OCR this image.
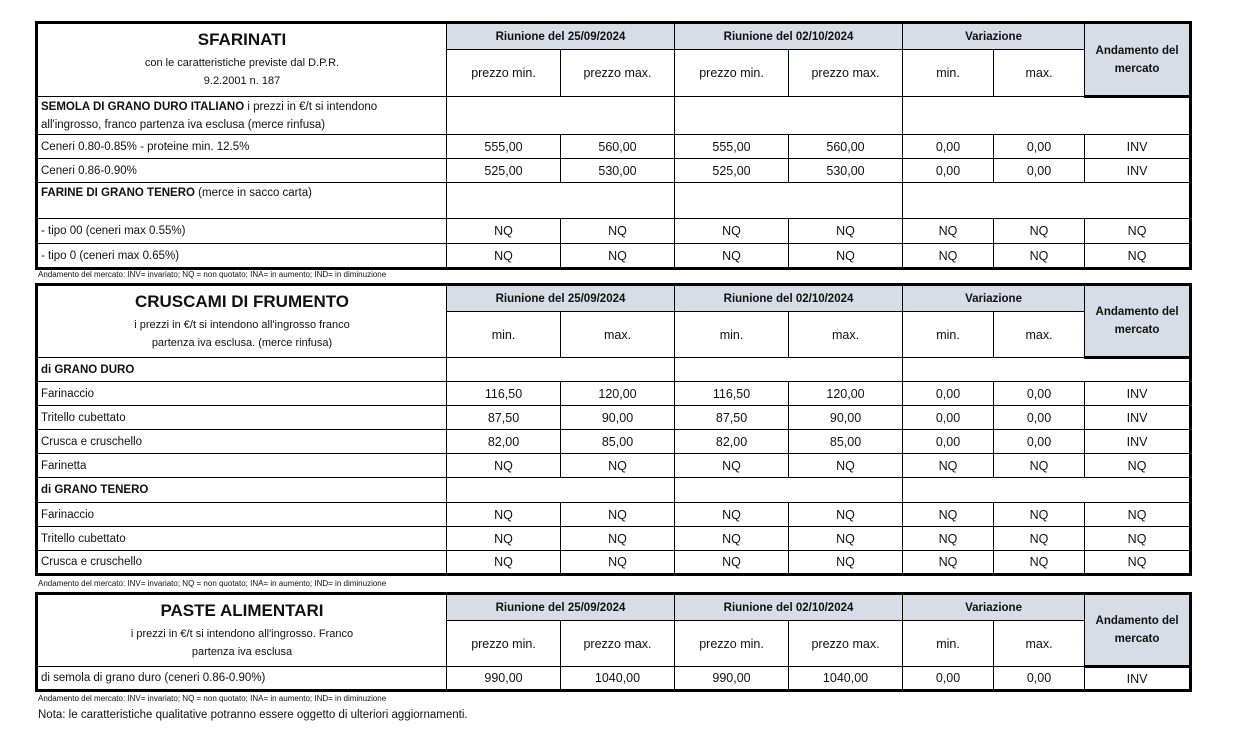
SFARINATI
con le caratteristiche previste dal D.P.R.
9.2.2001 n. 187	Riunione del 25/09/2024		Riunione del 02/10/2024		Variazione		Andamento del mercato
	prezzo min.	prezzo max.	prezzo min.	prezzo max.	min.	max.	
SEMOLA DI GRANO DURO ITALIANO i prezzi in €/t si intendono
all'ingrosso, franco partenza iva esclusa (merce rinfusa)							
Ceneri 0.80-0.85% - proteine min. 12.5%	555,00	560,00	555,00	560,00	0,00	0,00	INV
Ceneri 0.86-0.90%	525,00	530,00	525,00	530,00	0,00	0,00	INV
FARINE DI GRANO TENERO (merce in sacco carta)							
- tipo 00 (ceneri max 0.55%)	NQ	NQ	NQ	NQ	NQ	NQ	NQ
- tipo 0 (ceneri max 0.65%)	NQ	NQ	NQ	NQ	NQ	NQ	NQ
Andamento del mercato: INV= invariato; NQ = non quotato; INA= in aumento; IND= in diminuzione
CRUSCAMI DI FRUMENTO
i prezzi in €/t si intendono all'ingrosso franco
partenza iva esclusa. (merce rinfusa)	Riunione del 25/09/2024		Riunione del 02/10/2024		Variazione		Andamento del mercato
	min.	max.	min.	max.	min.	max.	
di GRANO DURO							
Farinaccio	116,50	120,00	116,50	120,00	0,00	0,00	INV
Tritello cubettato	87,50	90,00	87,50	90,00	0,00	0,00	INV
Crusca e cruschello	82,00	85,00	82,00	85,00	0,00	0,00	INV
Farinetta	NQ	NQ	NQ	NQ	NQ	NQ	NQ
di GRANO TENERO							
Farinaccio	NQ	NQ	NQ	NQ	NQ	NQ	NQ
Tritello cubettato	NQ	NQ	NQ	NQ	NQ	NQ	NQ
Crusca e cruschello	NQ	NQ	NQ	NQ	NQ	NQ	NQ
Andamento del mercato: INV= invariato; NQ = non quotato; INA= in aumento; IND= in diminuzione
PASTE ALIMENTARI
i prezzi in €/t si intendono all'ingrosso. Franco
partenza iva esclusa	Riunione del 25/09/2024		Riunione del 02/10/2024		Variazione		Andamento del mercato
	prezzo min.	prezzo max.	prezzo min.	prezzo max.	min.	max.	
di semola di grano duro (ceneri 0.86-0.90%)	990,00	1040,00	990,00	1040,00	0,00	0,00	INV
Andamento del mercato: INV= invariato; NQ = non quotato; INA= in aumento; IND= in diminuzione
Nota: le caratteristiche qualitative potranno essere oggetto di ulteriori aggiornamenti.
